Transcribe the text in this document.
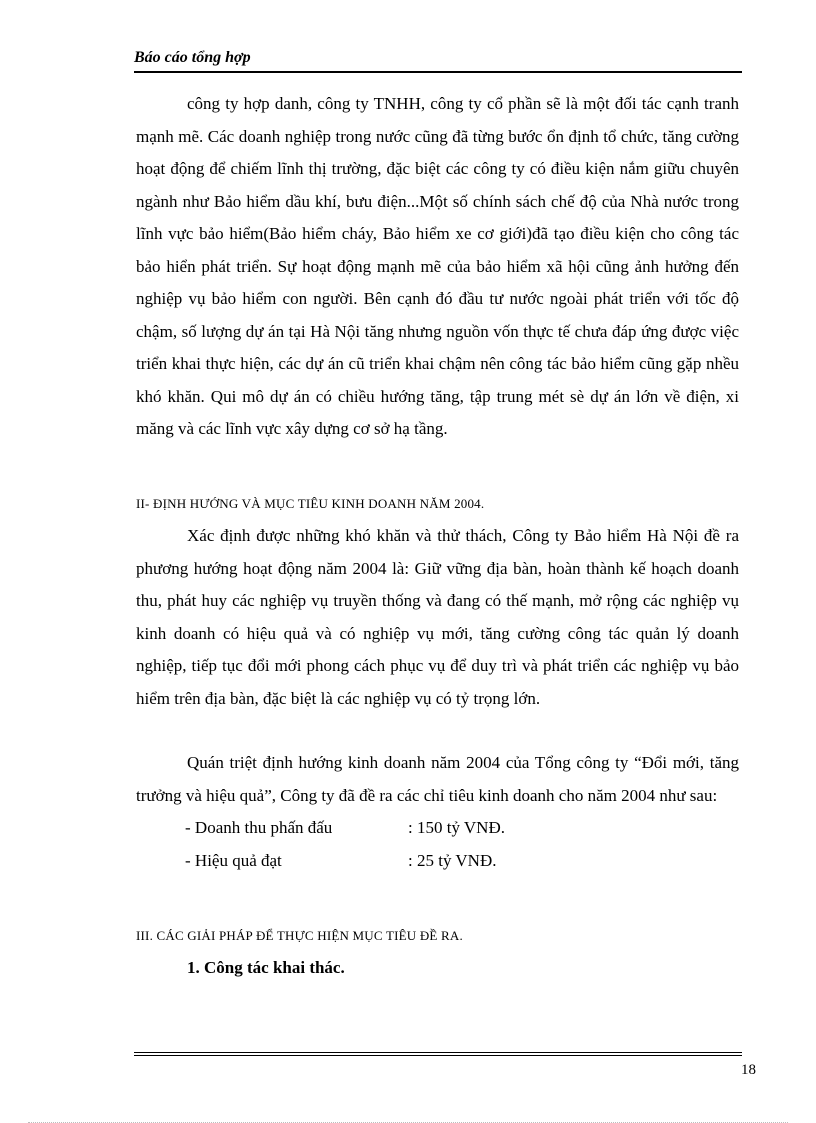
Báo cáo tổng hợp

công ty hợp danh, công ty TNHH, công ty cổ phần sẽ là một đối tác cạnh tranh mạnh mẽ. Các doanh nghiệp trong nước cũng đã từng bước ổn định tổ chức, tăng cường hoạt động để chiếm lĩnh thị trường, đặc biệt các công ty có điều kiện nắm giữu chuyên ngành như Bảo hiểm dầu khí, bưu điện...Một số chính sách chế độ của Nhà nước trong lĩnh vực bảo hiểm(Bảo hiểm cháy, Bảo hiểm xe cơ giới)đã tạo điều kiện cho công tác bảo hiển phát triển. Sự hoạt động mạnh mẽ của bảo hiểm xã hội cũng ảnh hưởng đến nghiệp vụ bảo hiểm con người. Bên cạnh đó đầu tư nước ngoài phát triển với tốc độ chậm, số lượng dự án tại Hà Nội tăng nhưng nguồn vốn thực tế chưa đáp ứng được việc triển khai thực hiện, các dự án cũ triển khai chậm nên công tác bảo hiểm cũng gặp nhều khó khăn. Qui mô dự án có chiều hướng tăng, tập trung mét sè dự án lớn về điện, xi măng và các lĩnh vực xây dựng cơ sở hạ tầng.

II- ĐỊNH HƯỚNG VÀ MỤC TIÊU KINH DOANH NĂM 2004.

Xác định được những khó khăn và thử thách, Công ty Bảo hiểm Hà Nội đề ra phương hướng hoạt động năm 2004 là: Giữ vững địa bàn, hoàn thành kế hoạch doanh thu, phát huy các nghiệp vụ truyền thống và đang có thế mạnh, mở rộng các nghiệp vụ kinh doanh có hiệu quả và có nghiệp vụ mới, tăng cường công tác quản lý doanh nghiệp, tiếp tục đổi mới phong cách phục vụ để duy trì và phát triển các nghiệp vụ bảo hiểm trên địa bàn, đặc biệt là các nghiệp vụ có tỷ trọng lớn.

Quán triệt định hướng kinh doanh năm 2004 của Tổng công ty “Đổi mới, tăng trưởng và hiệu quả”, Công ty đã đề ra các chỉ tiêu kinh doanh cho năm 2004 như sau:

- Doanh thu phấn đấu	: 150 tỷ VNĐ.
- Hiệu quả đạt	: 25 tỷ VNĐ.
III. CÁC GIẢI PHÁP ĐỂ THỰC HIỆN MỤC TIÊU ĐỀ RA.
1. Công tác khai thác.
18
